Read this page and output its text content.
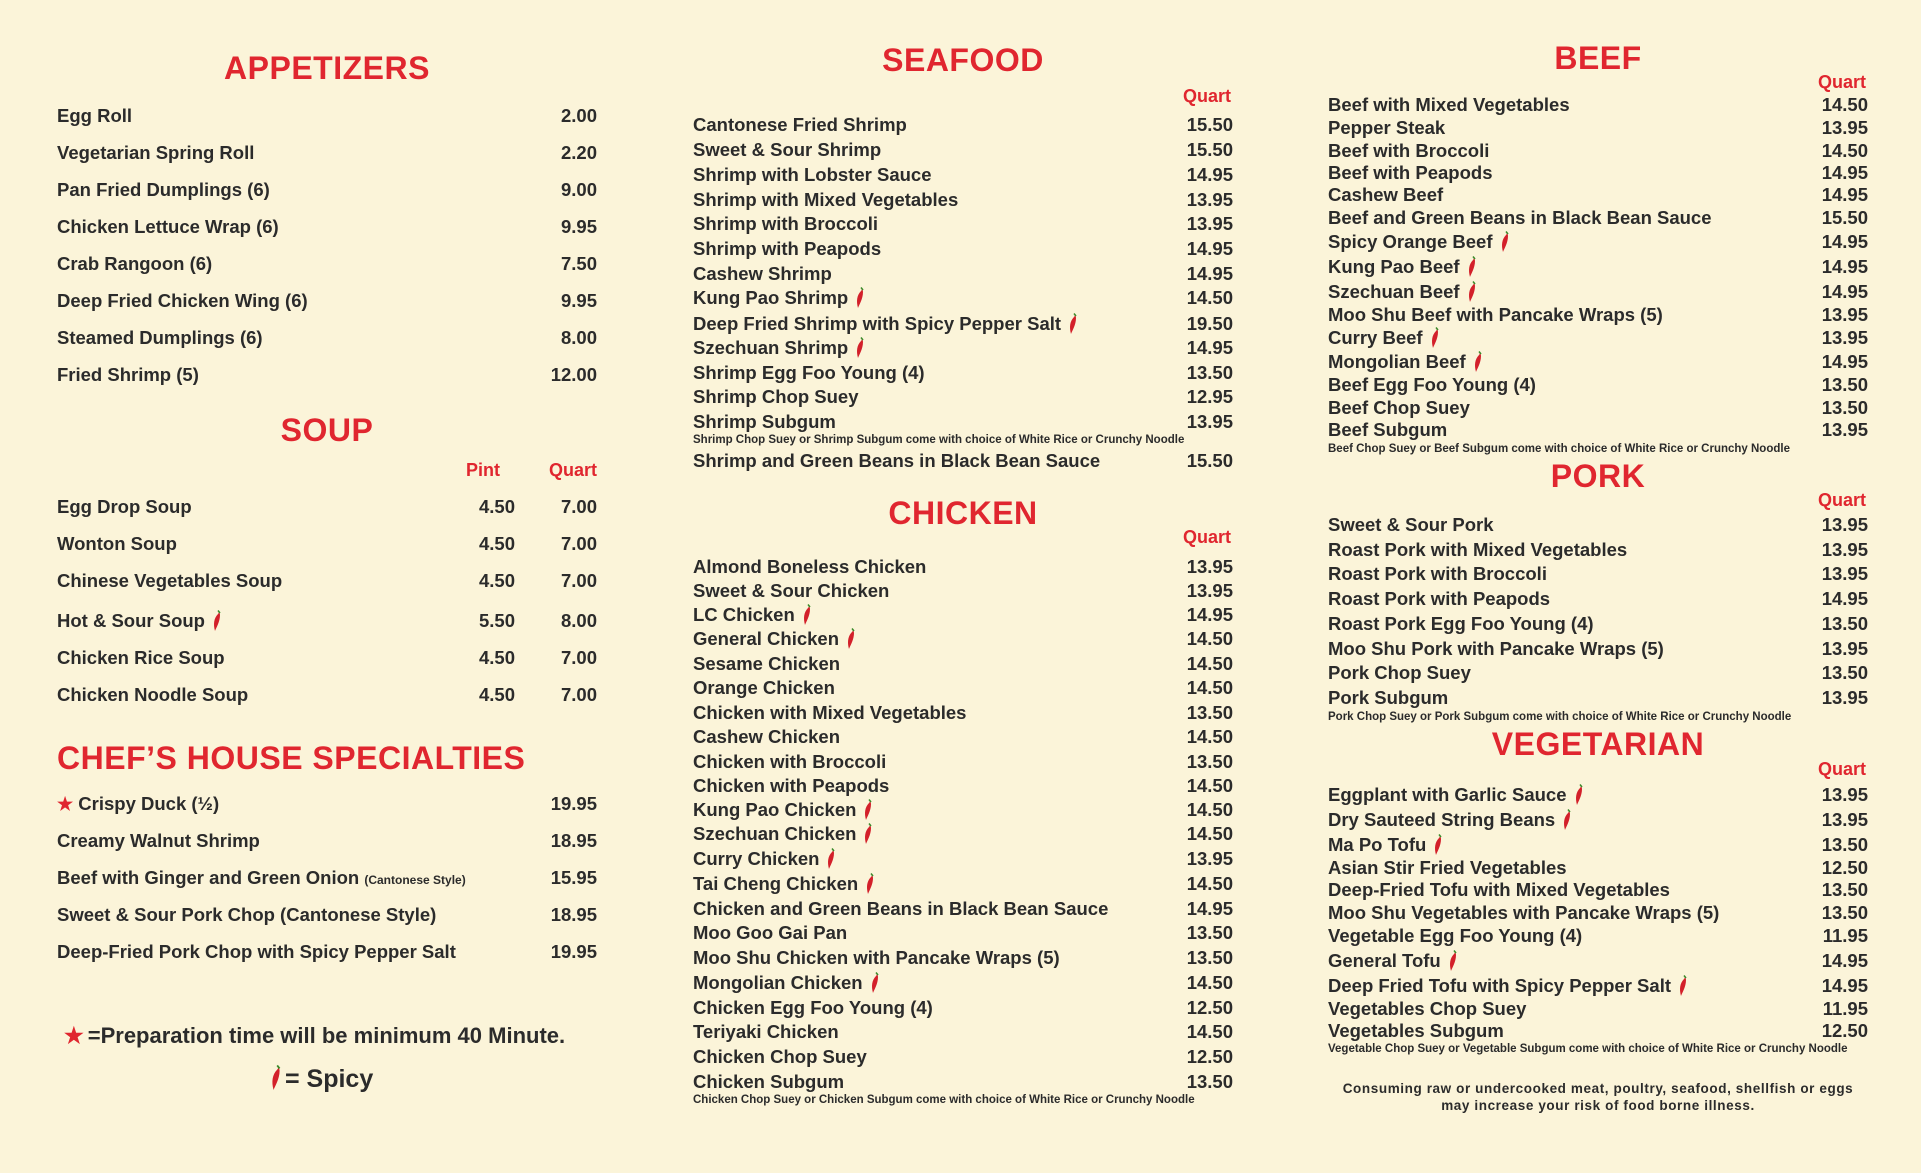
APPETIZERS
Egg Roll	2.00
Vegetarian Spring Roll	2.20
Pan Fried Dumplings (6)	9.00
Chicken Lettuce Wrap (6)	9.95
Crab Rangoon (6)	7.50
Deep Fried Chicken Wing (6)	9.95
Steamed Dumplings (6)	8.00
Fried Shrimp (5)	12.00
SOUP
Pint	Quart
Egg Drop Soup	4.50 7.00
Wonton Soup	4.50 7.00
Chinese Vegetables Soup	4.50 7.00
Hot & Sour Soup	5.50 8.00
Chicken Rice Soup	4.50 7.00
Chicken Noodle Soup	4.50 7.00
CHEF’S HOUSE SPECIALTIES
★ Crispy Duck (½)	19.95
Creamy Walnut Shrimp	18.95
Beef with Ginger and Green Onion (Cantonese Style)	15.95
Sweet & Sour Pork Chop (Cantonese Style)	18.95
Deep-Fried Pork Chop with Spicy Pepper Salt	19.95
★ =Preparation time will be minimum 40 Minute.
= Spicy
SEAFOOD
Quart
Cantonese Fried Shrimp	15.50
Sweet & Sour Shrimp	15.50
Shrimp with Lobster Sauce	14.95
Shrimp with Mixed Vegetables	13.95
Shrimp with Broccoli	13.95
Shrimp with Peapods	14.95
Cashew Shrimp	14.95
Kung Pao Shrimp	14.50
Deep Fried Shrimp with Spicy Pepper Salt	19.50
Szechuan Shrimp	14.95
Shrimp Egg Foo Young (4)	13.50
Shrimp Chop Suey	12.95
Shrimp Subgum	13.95
Shrimp Chop Suey or Shrimp Subgum come with choice of White Rice or Crunchy Noodle
Shrimp and Green Beans in Black Bean Sauce	15.50
CHICKEN
Quart
Almond Boneless Chicken	13.95
Sweet & Sour Chicken	13.95
LC Chicken	14.95
General Chicken	14.50
Sesame Chicken	14.50
Orange Chicken	14.50
Chicken with Mixed Vegetables	13.50
Cashew Chicken	14.50
Chicken with Broccoli	13.50
Chicken with Peapods	14.50
Kung Pao Chicken	14.50
Szechuan Chicken	14.50
Curry Chicken	13.95
Tai Cheng Chicken	14.50
Chicken and Green Beans in Black Bean Sauce	14.95
Moo Goo Gai Pan	13.50
Moo Shu Chicken with Pancake Wraps (5)	13.50
Mongolian Chicken	14.50
Chicken Egg Foo Young (4)	12.50
Teriyaki Chicken	14.50
Chicken Chop Suey	12.50
Chicken Subgum	13.50
Chicken Chop Suey or Chicken Subgum come with choice of White Rice or Crunchy Noodle
BEEF
Quart
Beef with Mixed Vegetables	14.50
Pepper Steak	13.95
Beef with Broccoli	14.50
Beef with Peapods	14.95
Cashew Beef	14.95
Beef and Green Beans in Black Bean Sauce	15.50
Spicy Orange Beef	14.95
Kung Pao Beef	14.95
Szechuan Beef	14.95
Moo Shu Beef with Pancake Wraps (5)	13.95
Curry Beef	13.95
Mongolian Beef	14.95
Beef Egg Foo Young (4)	13.50
Beef Chop Suey	13.50
Beef Subgum	13.95
Beef Chop Suey or Beef Subgum come with choice of White Rice or Crunchy Noodle
PORK
Quart
Sweet & Sour Pork	13.95
Roast Pork with Mixed Vegetables	13.95
Roast Pork with Broccoli	13.95
Roast Pork with Peapods	14.95
Roast Pork Egg Foo Young (4)	13.50
Moo Shu Pork with Pancake Wraps (5)	13.95
Pork Chop Suey	13.50
Pork Subgum	13.95
Pork Chop Suey or Pork Subgum come with choice of White Rice or Crunchy Noodle
VEGETARIAN
Quart
Eggplant with Garlic Sauce	13.95
Dry Sauteed String Beans	13.95
Ma Po Tofu	13.50
Asian Stir Fried Vegetables	12.50
Deep-Fried Tofu with Mixed Vegetables	13.50
Moo Shu Vegetables with Pancake Wraps (5)	13.50
Vegetable Egg Foo Young (4)	11.95
General Tofu	14.95
Deep Fried Tofu with Spicy Pepper Salt	14.95
Vegetables Chop Suey	11.95
Vegetables Subgum	12.50
Vegetable Chop Suey or Vegetable Subgum come with choice of White Rice or Crunchy Noodle
Consuming raw or undercooked meat, poultry, seafood, shellfish or eggs
may increase your risk of food borne illness.
